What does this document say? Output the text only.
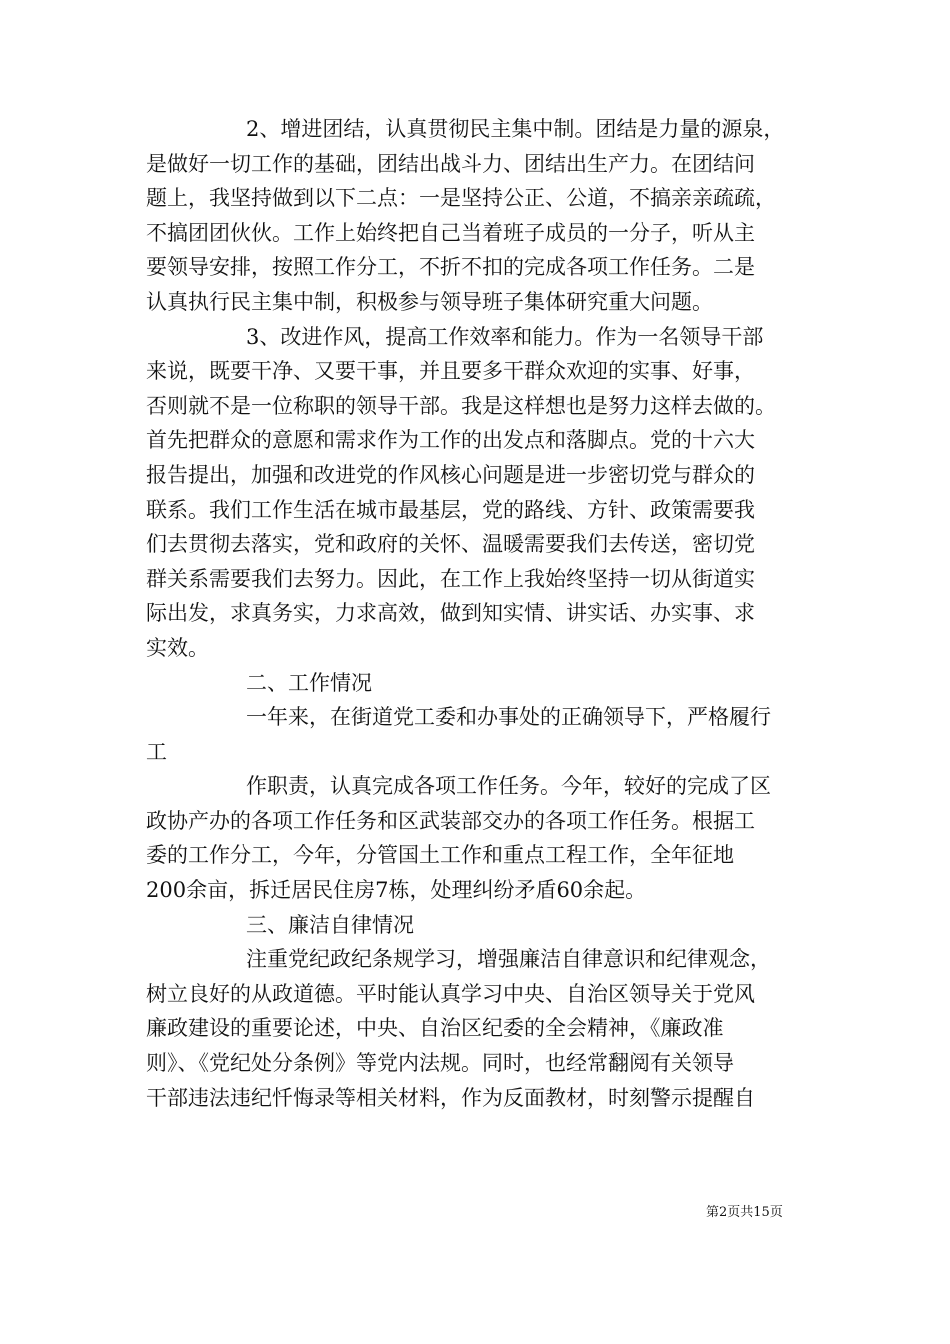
2、增进团结，认真贯彻民主集中制。团结是力量的源泉，
是做好一切工作的基础，团结出战斗力、团结出生产力。在团结问
题上，我坚持做到以下二点：一是坚持公正、公道，不搞亲亲疏疏，
不搞团团伙伙。工作上始终把自己当着班子成员的一分子，听从主
要领导安排，按照工作分工，不折不扣的完成各项工作任务。二是
认真执行民主集中制，积极参与领导班子集体研究重大问题。
3、改进作风，提高工作效率和能力。作为一名领导干部
来说，既要干净、又要干事，并且要多干群众欢迎的实事、好事，
否则就不是一位称职的领导干部。我是这样想也是努力这样去做的。
首先把群众的意愿和需求作为工作的出发点和落脚点。党的十六大
报告提出，加强和改进党的作风核心问题是进一步密切党与群众的
联系。我们工作生活在城市最基层，党的路线、方针、政策需要我
们去贯彻去落实，党和政府的关怀、温暖需要我们去传送，密切党
群关系需要我们去努力。因此，在工作上我始终坚持一切从街道实
际出发，求真务实，力求高效，做到知实情、讲实话、办实事、求
实效。
二、工作情况
一年来，在街道党工委和办事处的正确领导下，严格履行
工
作职责，认真完成各项工作任务。今年，较好的完成了区
政协产办的各项工作任务和区武装部交办的各项工作任务。根据工
委的工作分工，今年，分管国土工作和重点工程工作，全年征地
200余亩，拆迁居民住房7栋，处理纠纷矛盾60余起。
三、廉洁自律情况
注重党纪政纪条规学习，增强廉洁自律意识和纪律观念，
树立良好的从政道德。平时能认真学习中央、自治区领导关于党风
廉政建设的重要论述，中央、自治区纪委的全会精神，《廉政准
则》、《党纪处分条例》等党内法规。同时，也经常翻阅有关领导
干部违法违纪忏悔录等相关材料，作为反面教材，时刻警示提醒自
第2页共15页
